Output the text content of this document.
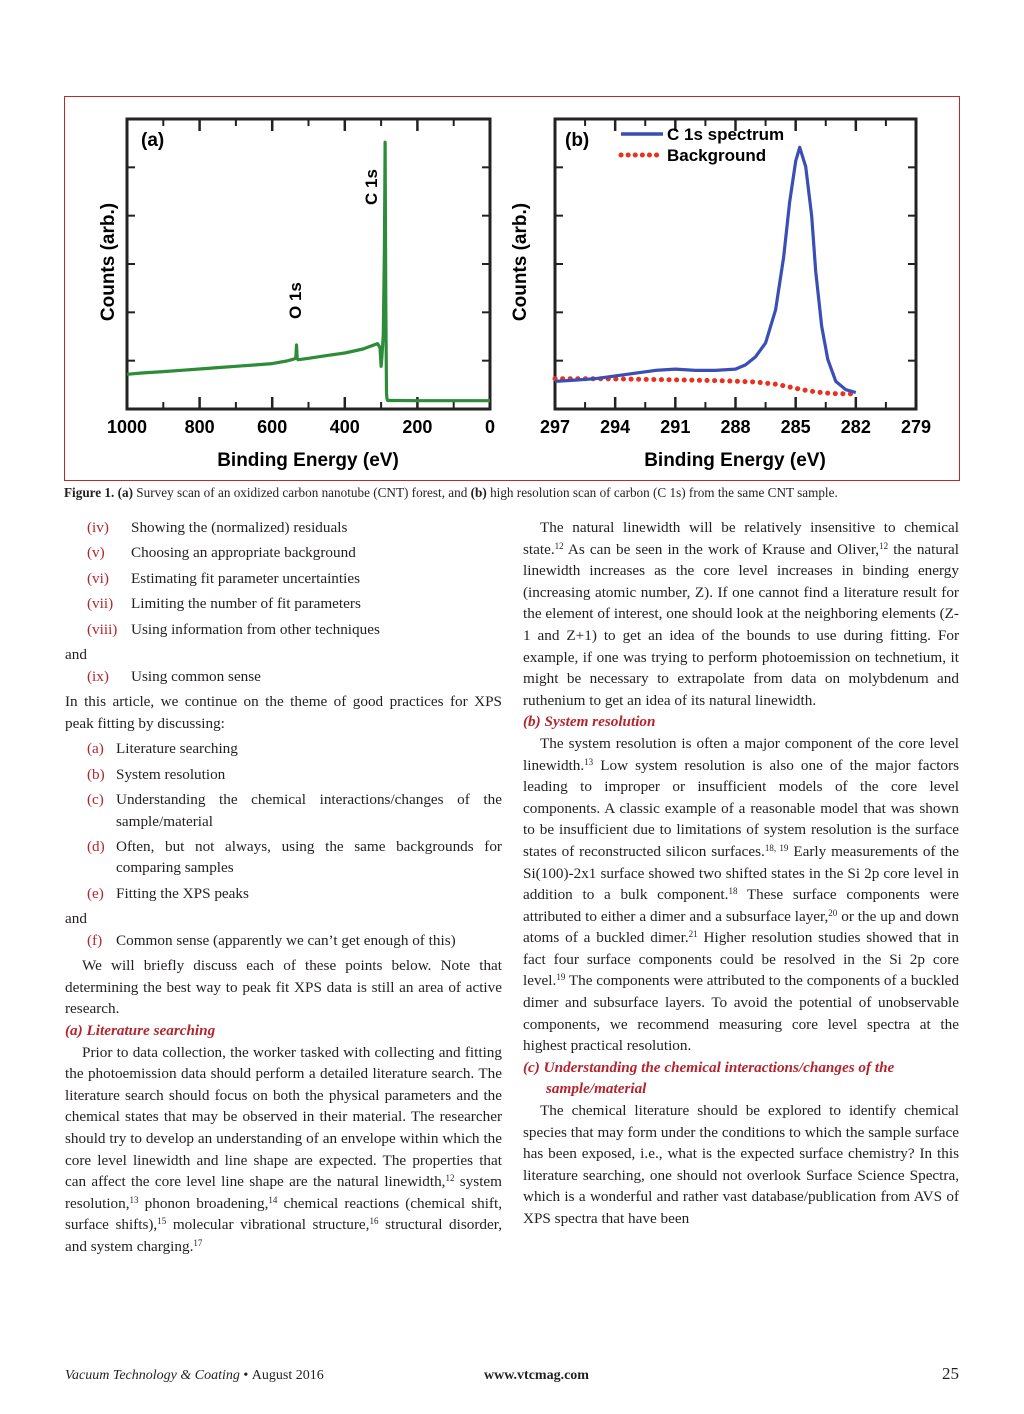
1000 800 600 400 200	0
(a)
C 1s
O 1s
Counts (arb.)
Binding Energy (eV)
297 294 291 288 285 282 279
(b)	C 1s spectrum
Background
Counts (arb.)
Binding Energy (eV)
Figure 1. (a) Survey scan of an oxidized carbon nanotube (CNT) forest, and (b) high resolution scan of carbon (C 1s) from the same CNT sample.
(iv) Showing the (normalized) residuals
(v) Choosing an appropriate background
(vi) Estimating fit parameter uncertainties
(vii) Limiting the number of fit parameters
(viii) Using information from other techniques

and

(ix) Using common sense

In this article, we continue on the theme of good practices for XPS peak fitting by discussing:

(a) Literature searching
(b) System resolution
(c) Understanding the chemical interactions/changes of the sample/material
(d) Often, but not always, using the same backgrounds for comparing samples
(e) Fitting the XPS peaks

and

(f) Common sense (apparently we can’t get enough of this)

We will briefly discuss each of these points below. Note that determining the best way to peak fit XPS data is still an area of active research.

(a) Literature searching

Prior to data collection, the worker tasked with collecting and fitting the photoemission data should perform a detailed literature search. The literature search should focus on both the physical parameters and the chemical states that may be observed in their material. The researcher should try to develop an understanding of an envelope within which the core level linewidth and line shape are expected. The properties that can affect the core level line shape are the natural linewidth,$^{12}$ system resolution,$^{13}$ phonon broadening,$^{14}$ chemical reactions (chemical shift, surface shifts),$^{15}$ molecular vibrational structure,$^{16}$ structural disorder, and system charging.$^{17}$

The natural linewidth will be relatively insensitive to chemical state.$^{12}$ As can be seen in the work of Krause and Oliver,$^{12}$ the natural linewidth increases as the core level increases in binding energy (increasing atomic number, Z). If one cannot find a literature result for the element of interest, one should look at the neighboring elements (Z-1 and Z+1) to get an idea of the bounds to use during fitting. For example, if one was trying to perform photoemission on technetium, it might be necessary to extrapolate from data on molybdenum and ruthenium to get an idea of its natural linewidth.

(b) System resolution

The system resolution is often a major component of the core level linewidth.$^{13}$ Low system resolution is also one of the major factors leading to improper or insufficient models of the core level components. A classic example of a reasonable model that was shown to be insufficient due to limitations of system resolution is the surface states of reconstructed silicon surfaces.$^{18, 19}$ Early measurements of the Si(100)-2x1 surface showed two shifted states in the Si 2p core level in addition to a bulk component.$^{18}$ These surface components were attributed to either a dimer and a subsurface layer,$^{20}$ or the up and down atoms of a buckled dimer.$^{21}$ Higher resolution studies showed that in fact four surface components could be resolved in the Si 2p core level.$^{19}$ The components were attributed to the components of a buckled dimer and subsurface layers. To avoid the potential of unobservable components, we recommend measuring core level spectra at the highest practical resolution.

(c) Understanding the chemical interactions/changes of the sample/material

The chemical literature should be explored to identify chemical species that may form under the conditions to which the sample surface has been exposed, i.e., what is the expected surface chemistry? In this literature searching, one should not overlook Surface Science Spectra, which is a wonderful and rather vast database/publication from AVS of XPS spectra that have been

Vacuum Technology & Coating • August 2016	www.vtcmag.com	25
